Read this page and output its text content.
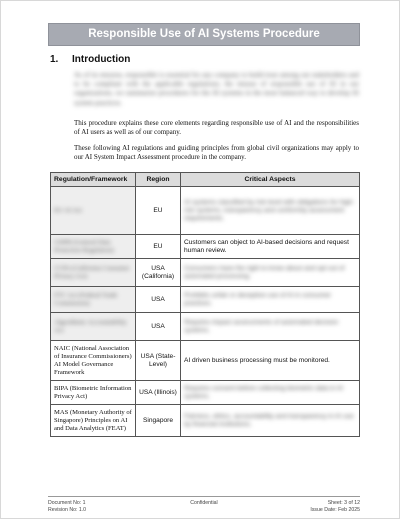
Responsible Use of AI Systems Procedure
1. Introduction
As of its mission, responsible is essential for any company to build trust among our stakeholders and to be compliant with the applicable regulations; the misuse of responsible use of AI in our organizations, we summarize procedures for the AI systems in the most balanced way to develop AI system practices.
This procedure explains these core elements regarding responsible use of AI and the responsibilities of AI users as well as of our company.
These following AI regulations and guiding principles from global civil organizations may apply to our AI System Impact Assessment procedure in the company.
Regulation/Framework	Region	Critical Aspects
EU AI Act	EU	AI systems classified by risk level with obligations for high-risk systems, transparency and conformity assessment requirements.
GDPR (General Data Protection Regulation)	EU	Customers can object to AI-based decisions and request human review.
CCPA (California Consumer Privacy Act)	USA (California)	Consumers have the right to know about and opt out of automated processing.
FTC Act (Federal Trade Commission)	USA	Prohibits unfair or deceptive use of AI in consumer practices.
Algorithmic Accountability Act	USA	Requires impact assessments of automated decision systems.
NAIC (National Association of Insurance Commissioners) AI Model Governance Framework	USA (State-Level)	AI driven business processing must be monitored.
BIPA (Biometric Information Privacy Act)	USA (Illinois)	Requires consent before collecting biometric data in AI systems.
MAS (Monetary Authority of Singapore) Principles on AI and Data Analytics (FEAT)	Singapore	Fairness, ethics, accountability and transparency in AI use by financial institutions.
Document No: 1
Revision No: 1.0
Confidential	Sheet: 3 of 12
Issue Date: Feb 2025
